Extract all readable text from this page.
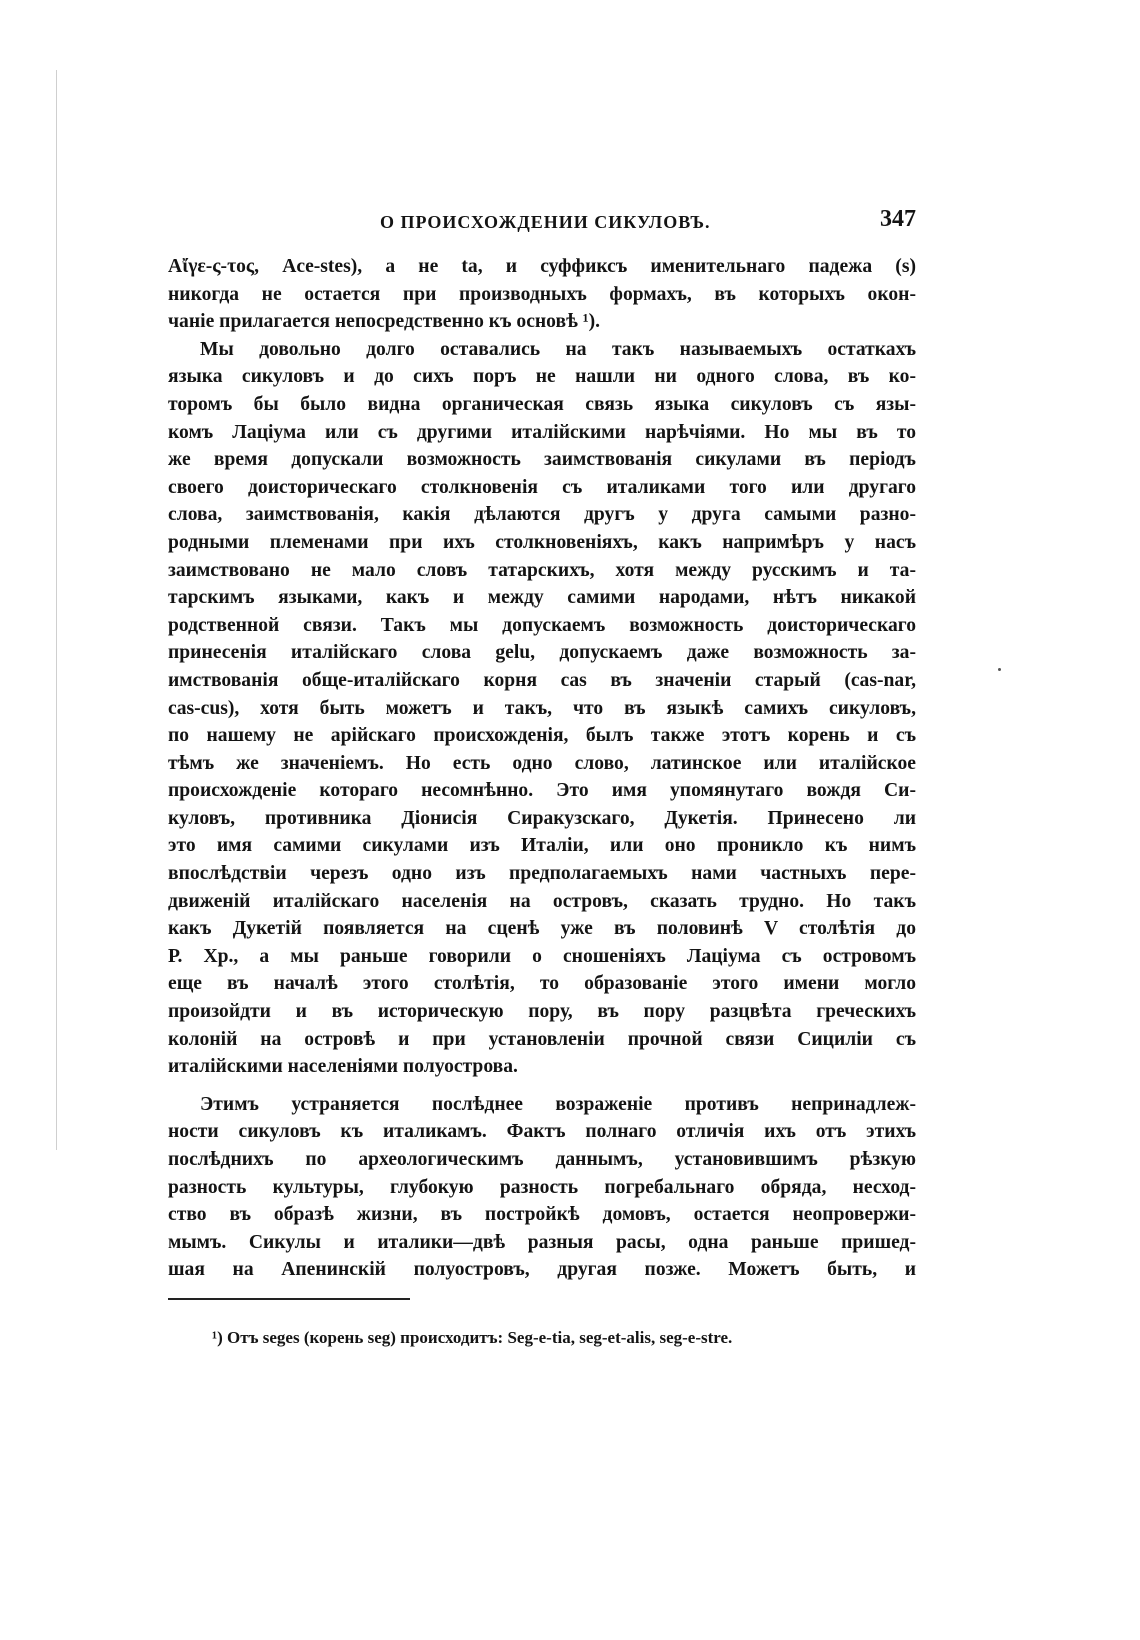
О ПРОИСХОЖДЕНИИ СИКУЛОВЪ.	347
Αἴγε-ς-τος, Ace-stes), а не ta, и суффиксъ именительнаго падежа (s)
никогда не остается при производныхъ формахъ, въ которыхъ окон-
чаніе прилагается непосредственно къ основѣ ¹).
Мы довольно долго оставались на такъ называемыхъ остаткахъ
языка сикуловъ и до сихъ поръ не нашли ни одного слова, въ ко-
торомъ бы было видна органическая связь языка сикуловъ съ язы-
комъ Лаціума или съ другими италійскими нарѣчіями. Но мы въ то
же время допускали возможность заимствованія сикулами въ періодъ
своего доисторическаго столкновенія съ италиками того или другаго
слова, заимствованія, какія дѣлаются другъ у друга самыми разно-
родными племенами при ихъ столкновеніяхъ, какъ напримѣръ у насъ
заимствовано не мало словъ татарскихъ, хотя между русскимъ и та-
тарскимъ языками, какъ и между самими народами, нѣтъ никакой
родственной связи. Такъ мы допускаемъ возможность доисторическаго
принесенія италійскаго слова gelu, допускаемъ даже возможность за-
имствованія обще-италійскаго корня cas въ значеніи старый (cas-nar,
cas-cus), хотя быть можетъ и такъ, что въ языкѣ самихъ сикуловъ,
по нашему не арійскаго происхожденія, былъ также этотъ корень и съ
тѣмъ же значеніемъ. Но есть одно слово, латинское или италійское
происхожденіе котораго несомнѣнно. Это имя упомянутаго вождя Си-
куловъ, противника Діонисія Сиракузскаго, Дукетія. Принесено ли
это имя самими сикулами изъ Италіи, или оно проникло къ нимъ
впослѣдствіи черезъ одно изъ предполагаемыхъ нами частныхъ пере-
движеній италійскаго населенія на островъ, сказать трудно. Но такъ
какъ Дукетій появляется на сценѣ уже въ половинѣ V столѣтія до
Р. Хр., а мы раньше говорили о сношеніяхъ Лаціума съ островомъ
еще въ началѣ этого столѣтія, то образованіе этого имени могло
произойдти и въ историческую пору, въ пору разцвѣта греческихъ
колоній на островѣ и при установленіи прочной связи Сициліи съ
италійскими населеніями полуострова.
Этимъ устраняется послѣднее возраженіе противъ непринадлеж-
ности сикуловъ къ италикамъ. Фактъ полнаго отличія ихъ отъ этихъ
послѣднихъ по археологическимъ даннымъ, установившимъ рѣзкую
разность культуры, глубокую разность погребальнаго обряда, несход-
ство въ образѣ жизни, въ постройкѣ домовъ, остается неопровержи-
мымъ. Сикулы и италики—двѣ разныя расы, одна раньше пришед-
шая на Апенинскій полуостровъ, другая позже. Можетъ быть, и
¹) Отъ seges (корень seg) происходитъ: Seg-e-tia, seg-et-alis, seg-e-stre.
